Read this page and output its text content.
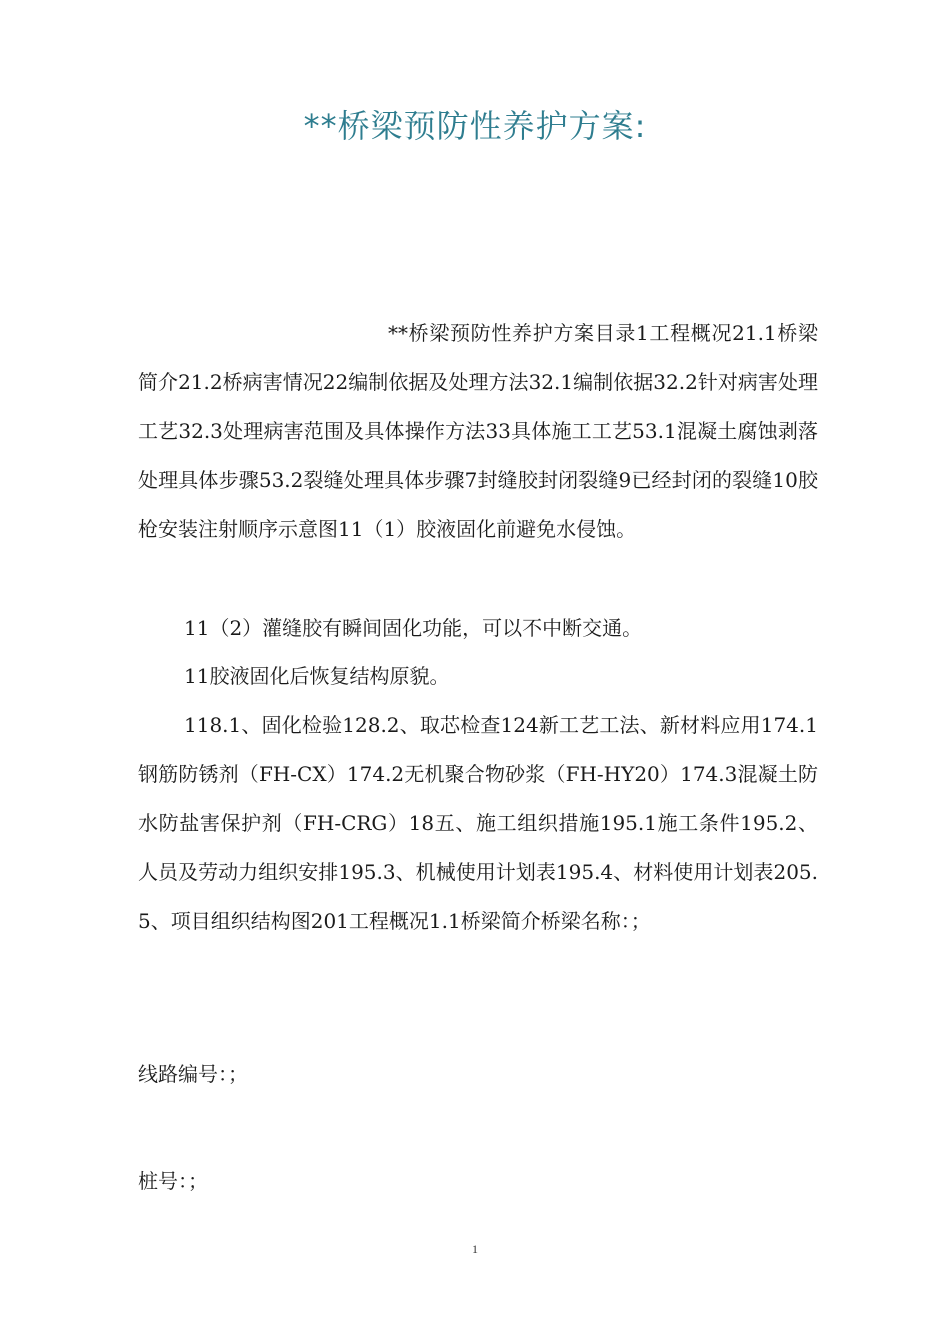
**桥梁预防性养护方案:

**桥梁预防性养护方案目录1工程概况21.1桥梁简介21.2桥病害情况22编制依据及处理方法32.1编制依据32.2针对病害处理工艺32.3处理病害范围及具体操作方法33具体施工工艺53.1混凝土腐蚀剥落处理具体步骤53.2裂缝处理具体步骤7封缝胶封闭裂缝9已经封闭的裂缝10胶枪安装注射顺序示意图11（1）胶液固化前避免水侵蚀。

11（2）灌缝胶有瞬间固化功能，可以不中断交通。

11胶液固化后恢复结构原貌。

118.1、固化检验128.2、取芯检查124新工艺工法、新材料应用174.1钢筋防锈剂（FH-CX）174.2无机聚合物砂浆（FH-HY20）174.3混凝土防水防盐害保护剂（FH-CRG）18五、施工组织措施195.1施工条件195.2、人员及劳动力组织安排195.3、机械使用计划表195.4、材料使用计划表205.5、项目组织结构图201工程概况1.1桥梁简介桥梁名称：；

线路编号：；

桩号：；

1
